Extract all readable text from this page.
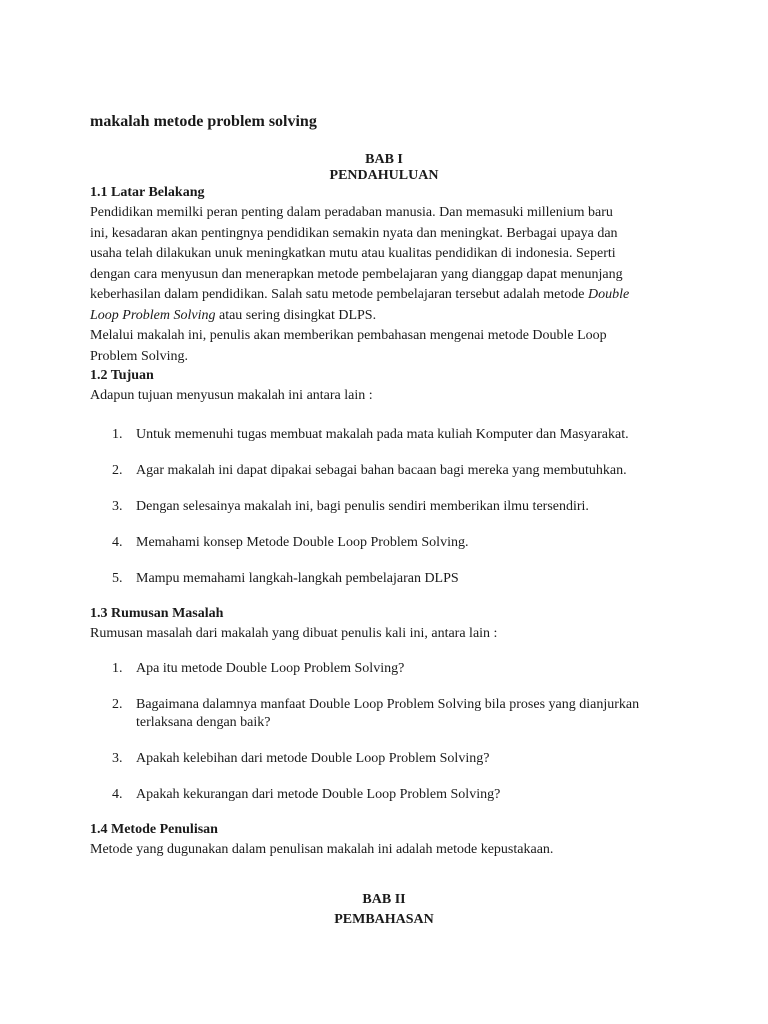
makalah metode problem solving
BAB I
PENDAHULUAN
1.1 Latar Belakang
Pendidikan memilki peran penting dalam peradaban manusia. Dan memasuki millenium baru
ini, kesadaran akan pentingnya pendidikan semakin nyata dan meningkat. Berbagai upaya dan
usaha telah dilakukan unuk meningkatkan mutu atau kualitas pendidikan di indonesia. Seperti
dengan cara menyusun dan menerapkan metode pembelajaran yang dianggap dapat menunjang
keberhasilan dalam pendidikan. Salah satu metode pembelajaran tersebut adalah metode Double
Loop Problem Solving atau sering disingkat DLPS.
Melalui makalah ini, penulis akan memberikan pembahasan mengenai metode Double Loop
Problem Solving.
1.2 Tujuan
Adapun tujuan menyusun makalah ini antara lain :
1. Untuk memenuhi tugas membuat makalah pada mata kuliah Komputer dan Masyarakat.
2. Agar makalah ini dapat dipakai sebagai bahan bacaan bagi mereka yang membutuhkan.
3. Dengan selesainya makalah ini, bagi penulis sendiri memberikan ilmu tersendiri.
4. Memahami konsep Metode Double Loop Problem Solving.
5. Mampu memahami langkah-langkah pembelajaran DLPS
1.3 Rumusan Masalah
Rumusan masalah dari makalah yang dibuat penulis kali ini, antara lain :
1. Apa itu metode Double Loop Problem Solving?
2. Bagaimana dalamnya manfaat Double Loop Problem Solving bila proses yang dianjurkan
terlaksana dengan baik?
3. Apakah kelebihan dari metode Double Loop Problem Solving?
4. Apakah kekurangan dari metode Double Loop Problem Solving?
1.4 Metode Penulisan
Metode yang dugunakan dalam penulisan makalah ini adalah metode kepustakaan.
BAB II
PEMBAHASAN
